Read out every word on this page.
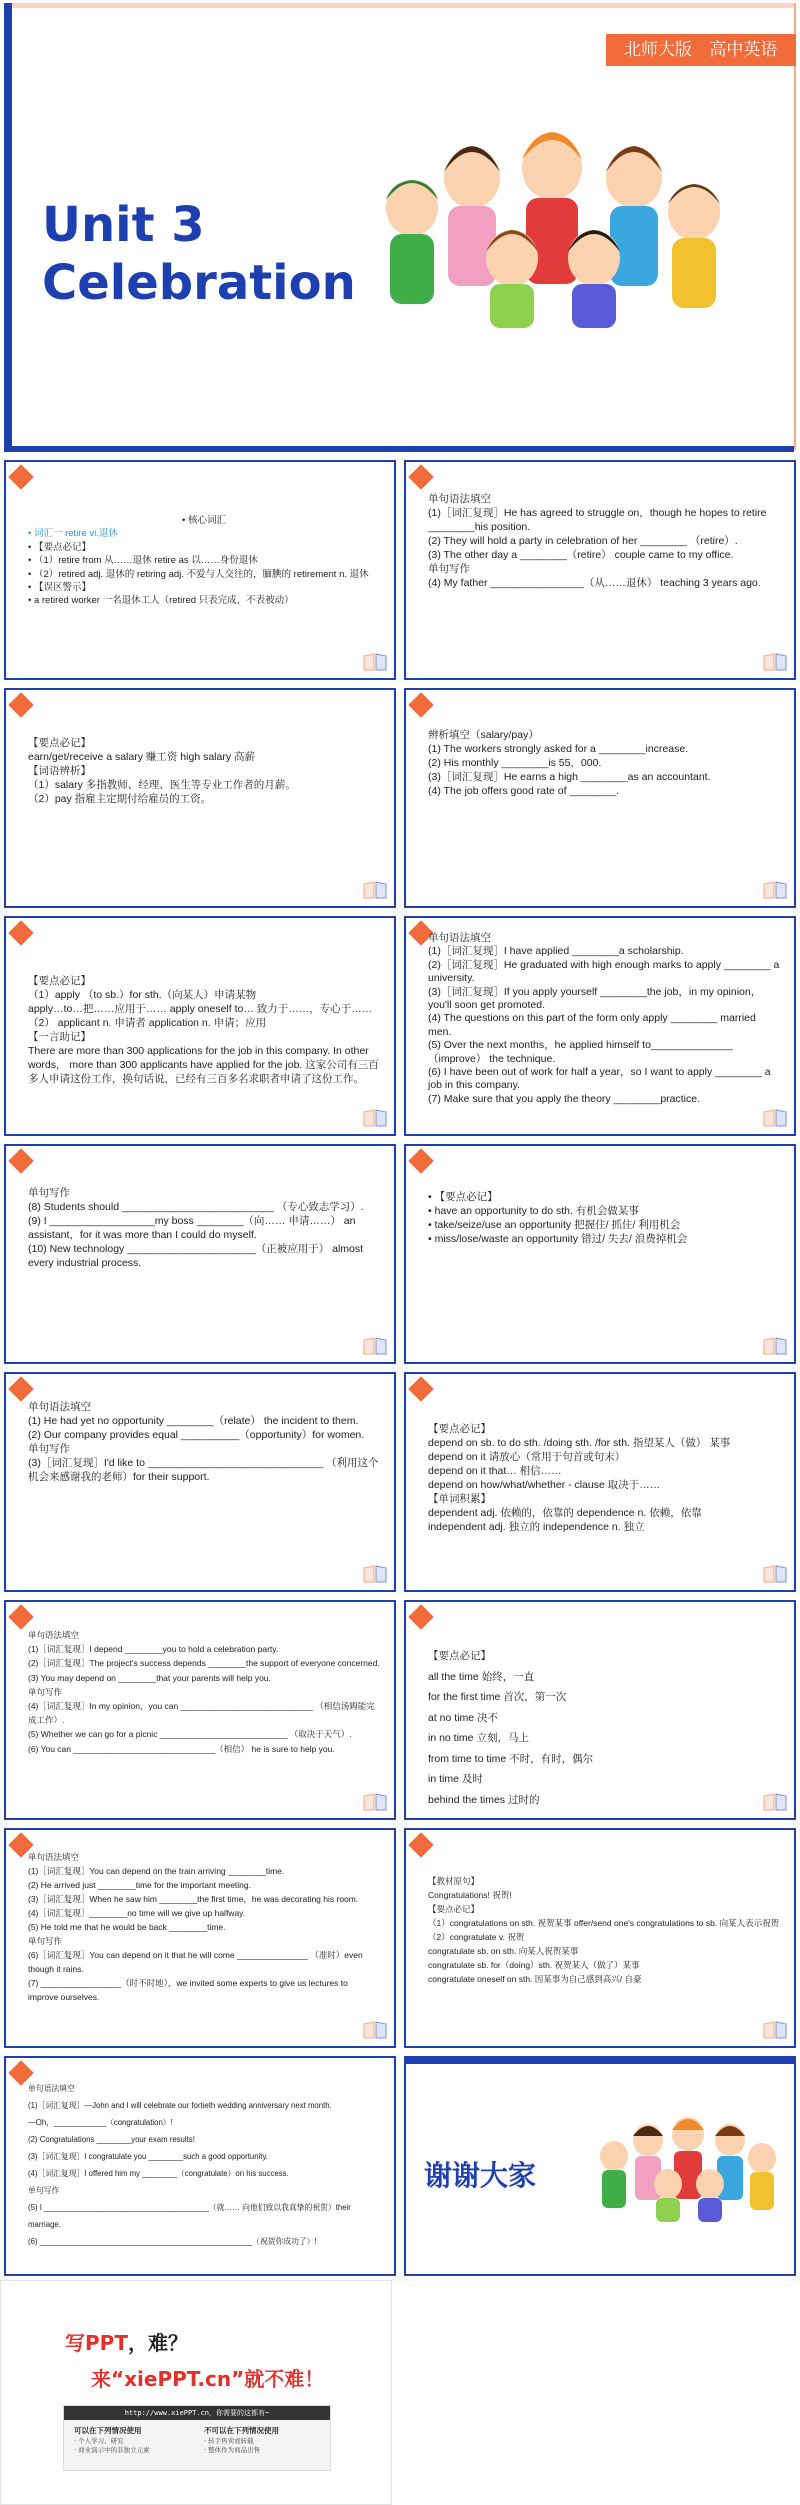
北师大版 高中英语
Unit 3
Celebration
• 核心词汇
• 词汇一 retire vi.退休
• 【要点必记】
• （1）retire from 从……退休 retire as 以……身份退休
• （2）retired adj. 退休的 retiring adj. 不爱与人交往的，腼腆的 retirement n. 退休
• 【误区警示】
• a retired worker 一名退休工人（retired 只表完成，不表被动）
单句语法填空
(1)［词汇复现］He has agreed to struggle on，though he hopes to retire ________his position.
(2) They will hold a party in celebration of her ________ （retire）.
(3) The other day a ________（retire） couple came to my office.
单句写作
(4) My father ________________（从……退休） teaching 3 years ago.
【要点必记】
earn/get/receive a salary 赚工资 high salary 高薪
【词语辨析】
（1）salary 多指教师、经理、医生等专业工作者的月薪。
（2）pay 指雇主定期付给雇员的工资。
辨析填空（salary/pay）
(1) The workers strongly asked for a ________increase.
(2) His monthly ________is 55，000.
(3)［词汇复现］He earns a high ________as an accountant.
(4) The job offers good rate of ________.
【要点必记】
（1）apply （to sb.）for sth.（向某人）申请某物
apply…to…把……应用于…… apply oneself to… 致力于……，专心于……
（2） applicant n. 申请者 application n. 申请；应用
【一言助记】
There are more than 300 applications for the job in this company. In other words， more than 300 applicants have applied for the job. 这家公司有三百多人申请这份工作，换句话说，已经有三百多名求职者申请了这份工作。
单句语法填空
(1)［词汇复现］I have applied ________a scholarship.
(2)［词汇复现］He graduated with high enough marks to apply ________ a university.
(3)［词汇复现］If you apply yourself ________the job，in my opinion， you'll soon get promoted.
(4) The questions on this part of the form only apply ________ married men.
(5) Over the next months，he applied himself to______________ （improve） the technique.
(6) I have been out of work for half a year，so I want to apply ________ a job in this company.
(7) Make sure that you apply the theory ________practice.
单句写作
(8) Students should __________________________ （专心致志学习）.
(9) I __________________my boss ________（向…… 申请……） an assistant，for it was more than I could do myself.
(10) New technology ______________________（正被应用于） almost every industrial process.
• 【要点必记】
• have an opportunity to do sth. 有机会做某事
• take/seize/use an opportunity 把握住/ 抓住/ 利用机会
• miss/lose/waste an opportunity 错过/ 失去/ 浪费掉机会
单句语法填空
(1) He had yet no opportunity ________（relate） the incident to them.
(2) Our company provides equal __________（opportunity）for women.
单句写作
(3)［词汇复现］I'd like to ______________________________ （利用这个机会来感谢我的老师）for their support.
【要点必记】
depend on sb. to do sth. /doing sth. /for sth. 指望某人（做） 某事
depend on it 请放心（常用于句首或句末）
depend on it that… 相信……
depend on how/what/whether - clause 取决于……
【单词积累】
dependent adj. 依赖的，依靠的 dependence n. 依赖，依靠
independent adj. 独立的 independence n. 独立
单句语法填空
(1)［词汇复现］I depend ________you to hold a celebration party.
(2)［词汇复现］The project's success depends ________the support of everyone concerned.
(3) You may depend on ________that your parents will help you.
单句写作
(4)［词汇复现］In my opinion，you can ____________________________ （相信汤姆能完成工作）.
(5) Whether we can go for a picnic ___________________________ （取决于天气）.
(6) You can ______________________________（相信） he is sure to help you.
【要点必记】
all the time 始终，一直
for the first time 首次，第一次
at no time 决不
in no time 立刻，马上
from time to time 不时，有时，偶尔
in time 及时
behind the times 过时的
单句语法填空
(1)［词汇复现］You can depend on the train arriving ________time.
(2) He arrived just ________time for the important meeting.
(3)［词汇复现］When he saw him ________the first time，he was decorating his room.
(4)［词汇复现］________no time will we give up halfway.
(5) He told me that he would be back ________time.
单句写作
(6)［词汇复现］You can depend on it that he will come _______________ （准时）even though it rains.
(7) _________________（时不时地），we invited some experts to give us lectures to improve ourselves.
【教材原句】
Congratulations! 祝贺!
【要点必记】
（1）congratulations on sth. 祝贺某事 offer/send one's congratulations to sb. 向某人表示祝贺
（2）congratulate v. 祝贺
congratulate sb. on sth. 向某人祝贺某事
congratulate sb. for（doing）sth. 祝贺某人（做了）某事
congratulate oneself on sth. 因某事为自己感到高兴/ 自豪
单句语法填空
(1)［词汇复现］—John and I will celebrate our fortieth wedding anniversary next month.
—Oh，____________（congratulation）!
(2) Congratulations ________your exam results!
(3)［词汇复现］I congratulate you ________such a good opportunity.
(4)［词汇复现］I offered him my ________（congratulate）on his success.
单句写作
(5) I ______________________________________（就…… 向他们致以我真挚的祝贺）their marriage.
(6) _________________________________________________（祝贺你成功了）!
谢谢大家
写PPT，难？
来“xiePPT.cn”就不难！
http://www.xiePPT.cn，你需要的这都有~
可以在下列情况使用
· 个人学习、研究
· 商业演示中的非独立元素
不可以在下列情况使用
· 转手售卖或转载
· 整体作为商品出售
